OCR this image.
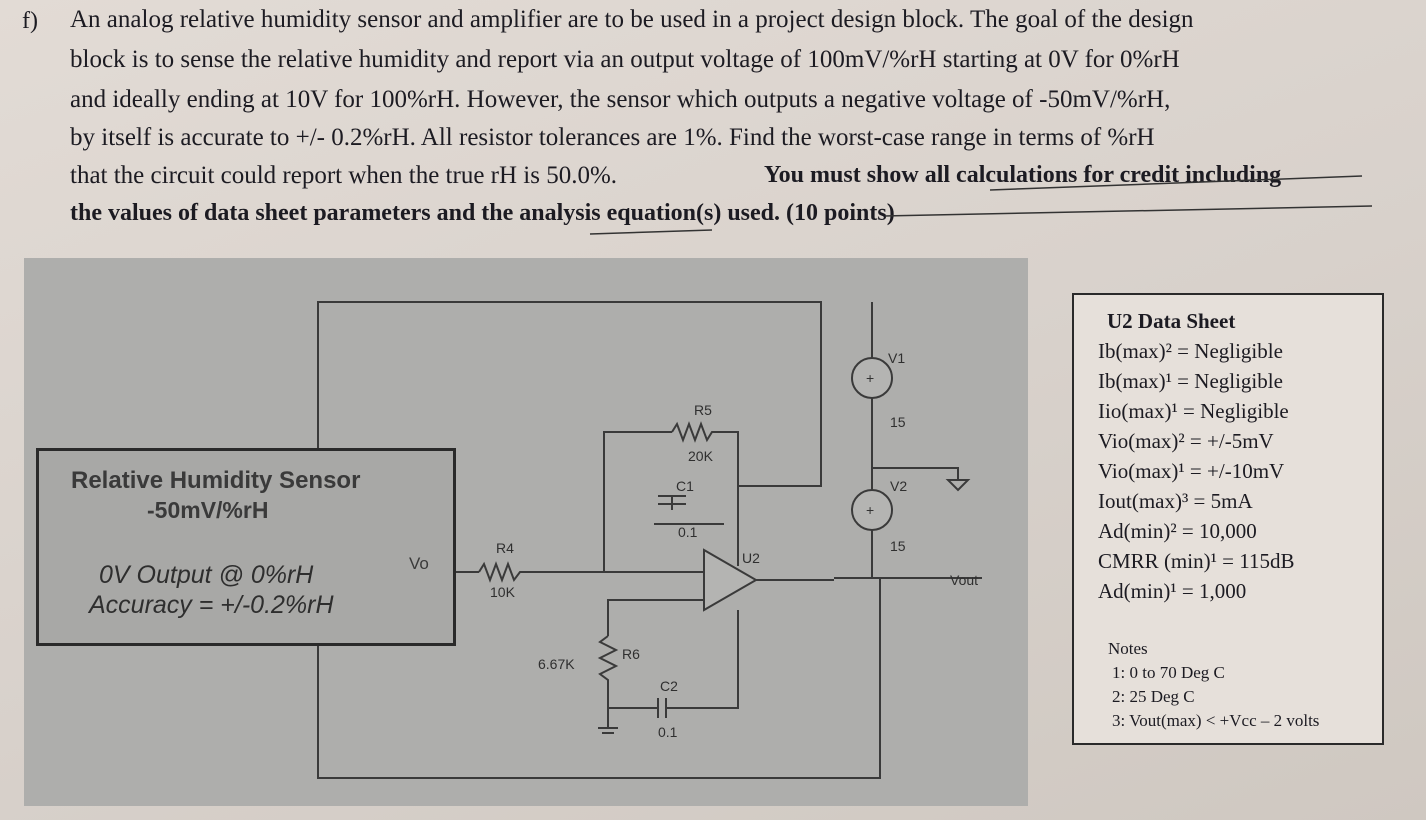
f) An analog relative humidity sensor and amplifier are to be used in a project design block. The goal of the design
block is to sense the relative humidity and report via an output voltage of 100mV/%rH starting at 0V for 0%rH
and ideally ending at 10V for 100%rH. However, the sensor which outputs a negative voltage of -50mV/%rH,
by itself is accurate to +/- 0.2%rH. All resistor tolerances are 1%. Find the worst-case range in terms of %rH
that the circuit could report when the true rH is 50.0%.	You must show all calculations for credit including
the values of data sheet parameters and the analysis equation(s) used. (10 points)
+
+
Relative Humidity Sensor
-50mV/%rH
0V Output @ 0%rH
Accuracy = +/-0.2%rH
Vo
R4
10K
R5
20K
C1
0.1
U2
R6
6.67K
C2
0.1
V1
15
V2
15
Vout
U2 Data Sheet
Ib(max)² = Negligible
Ib(max)¹ = Negligible
Iio(max)¹ = Negligible
Vio(max)² = +/-5mV
Vio(max)¹ = +/-10mV
Iout(max)³ = 5mA
Ad(min)² = 10,000
CMRR (min)¹ = 115dB
Ad(min)¹ = 1,000
Notes
1: 0 to 70 Deg C
2: 25 Deg C
3: Vout(max) < +Vcc – 2 volts
